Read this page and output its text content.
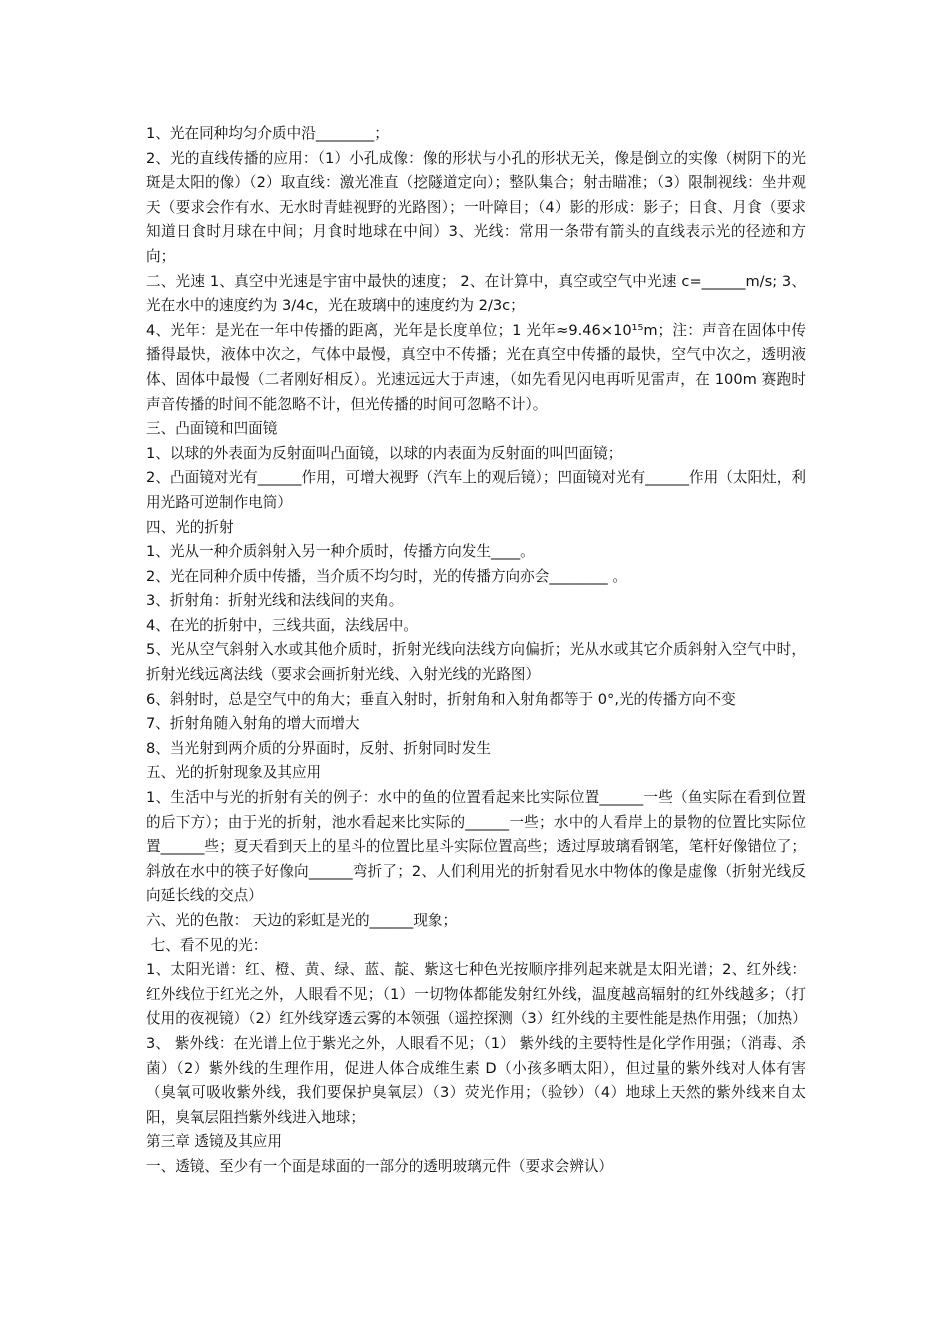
1、光在同种均匀介质中沿________；

2、光的直线传播的应用：（1）小孔成像：像的形状与小孔的形状无关，像是倒立的实像（树阴下的光斑是太阳的像）（2）取直线：激光准直（挖隧道定向）；整队集合；射击瞄准；（3）限制视线：坐井观天（要求会作有水、无水时青蛙视野的光路图）；一叶障目；（4）影的形成：影子；日食、月食（要求知道日食时月球在中间；月食时地球在中间）3、光线：常用一条带有箭头的直线表示光的径迹和方向；

二、光速 1、真空中光速是宇宙中最快的速度； 2、在计算中，真空或空气中光速 c=______m/s; 3、光在水中的速度约为 3/4c，光在玻璃中的速度约为 2/3c；

4、光年：是光在一年中传播的距离，光年是长度单位；1 光年≈9.46×10¹⁵m；注：声音在固体中传播得最快，液体中次之，气体中最慢，真空中不传播；光在真空中传播的最快，空气中次之，透明液体、固体中最慢（二者刚好相反）。光速远远大于声速，（如先看见闪电再听见雷声，在 100m 赛跑时声音传播的时间不能忽略不计，但光传播的时间可忽略不计）。

三、凸面镜和凹面镜

1、以球的外表面为反射面叫凸面镜，以球的内表面为反射面的叫凹面镜；

2、凸面镜对光有______作用，可增大视野（汽车上的观后镜）；凹面镜对光有______作用（太阳灶，利用光路可逆制作电筒）

四、光的折射

1、光从一种介质斜射入另一种介质时，传播方向发生____。

2、光在同种介质中传播，当介质不均匀时，光的传播方向亦会________ 。

3、折射角：折射光线和法线间的夹角。

4、在光的折射中，三线共面，法线居中。

5、光从空气斜射入水或其他介质时，折射光线向法线方向偏折；光从水或其它介质斜射入空气中时，折射光线远离法线（要求会画折射光线、入射光线的光路图）

6、斜射时，总是空气中的角大；垂直入射时，折射角和入射角都等于 0°,光的传播方向不变

7、折射角随入射角的增大而增大

8、当光射到两介质的分界面时，反射、折射同时发生

五、光的折射现象及其应用

1、生活中与光的折射有关的例子：水中的鱼的位置看起来比实际位置______一些（鱼实际在看到位置的后下方）；由于光的折射，池水看起来比实际的______一些；水中的人看岸上的景物的位置比实际位置______些；夏天看到天上的星斗的位置比星斗实际位置高些；透过厚玻璃看钢笔，笔杆好像错位了；斜放在水中的筷子好像向______弯折了；2、人们利用光的折射看见水中物体的像是虚像（折射光线反向延长线的交点）

六、光的色散： 天边的彩虹是光的______现象；

七、看不见的光：

1、太阳光谱：红、橙、黄、绿、蓝、靛、紫这七种色光按顺序排列起来就是太阳光谱；2、红外线：红外线位于红光之外，人眼看不见；（1）一切物体都能发射红外线，温度越高辐射的红外线越多；（打仗用的夜视镜）（2）红外线穿透云雾的本领强（遥控探测（3）红外线的主要性能是热作用强；（加热）

3、 紫外线：在光谱上位于紫光之外，人眼看不见；（1） 紫外线的主要特性是化学作用强；（消毒、杀菌）（2）紫外线的生理作用，促进人体合成维生素 D（小孩多晒太阳），但过量的紫外线对人体有害（臭氧可吸收紫外线，我们要保护臭氧层）（3）荧光作用；（验钞）（4）地球上天然的紫外线来自太阳，臭氧层阻挡紫外线进入地球；

第三章 透镜及其应用

一、透镜、至少有一个面是球面的一部分的透明玻璃元件（要求会辨认）
